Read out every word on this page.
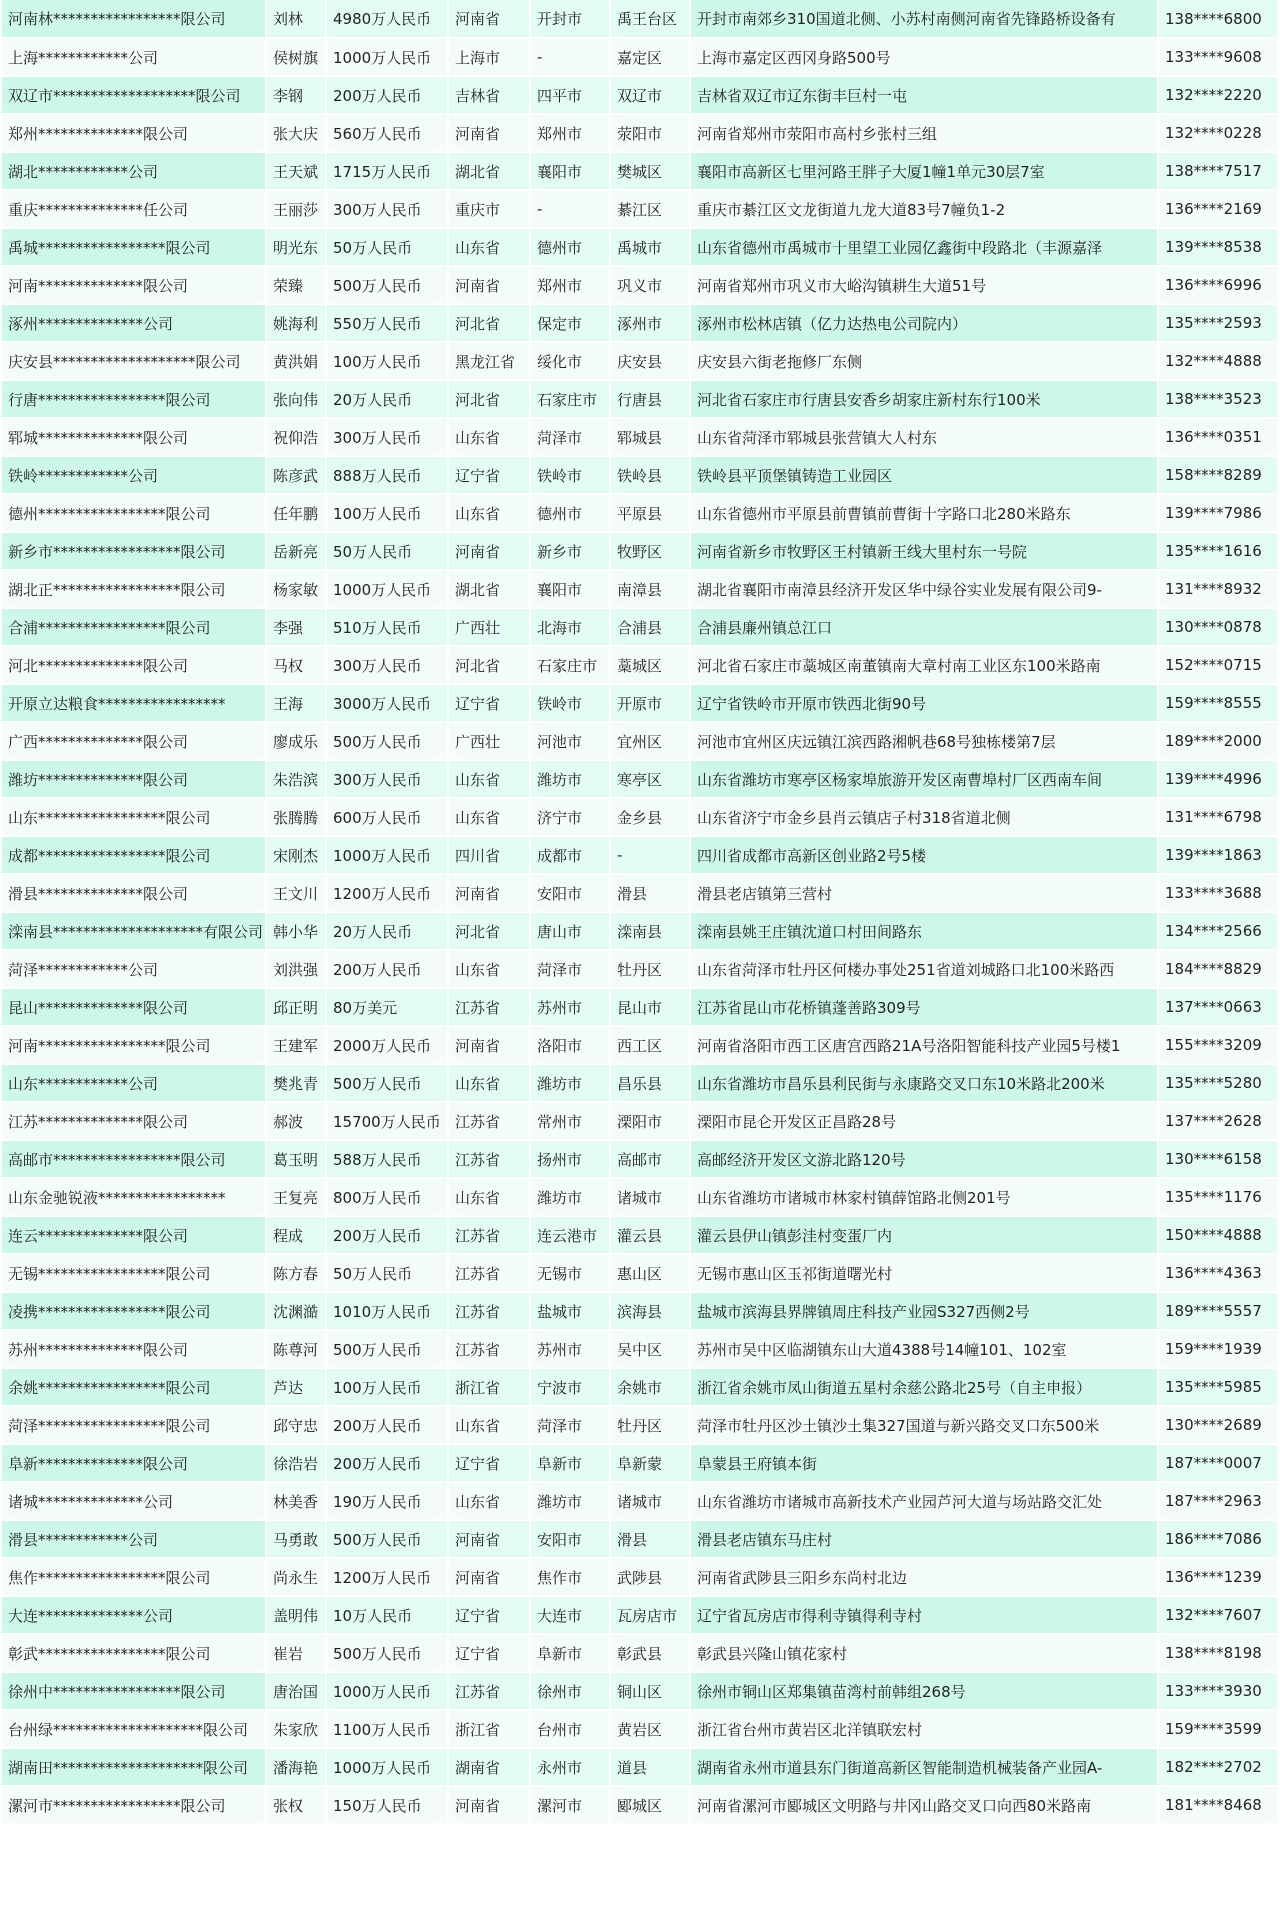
河南林*****************限公司	刘林	4980万人民币	河南省	开封市	禹王台区	开封市南郊乡310国道北侧、小苏村南侧河南省先锋路桥设备有	138****6800
上海************公司	侯树旗	1000万人民币	上海市	-	嘉定区	上海市嘉定区西冈身路500号	133****9608
双辽市*******************限公司	李钢	200万人民币	吉林省	四平市	双辽市	吉林省双辽市辽东街丰巨村一屯	132****2220
郑州**************限公司	张大庆	560万人民币	河南省	郑州市	荥阳市	河南省郑州市荥阳市高村乡张村三组	132****0228
湖北************公司	王天斌	1715万人民币	湖北省	襄阳市	樊城区	襄阳市高新区七里河路王胖子大厦1幢1单元30层7室	138****7517
重庆**************任公司	王丽莎	300万人民币	重庆市	-	綦江区	重庆市綦江区文龙街道九龙大道83号7幢负1-2	136****2169
禹城*****************限公司	明光东	50万人民币	山东省	德州市	禹城市	山东省德州市禹城市十里望工业园亿鑫街中段路北（丰源嘉泽	139****8538
河南**************限公司	荣臻	500万人民币	河南省	郑州市	巩义市	河南省郑州市巩义市大峪沟镇耕生大道51号	136****6996
涿州**************公司	姚海利	550万人民币	河北省	保定市	涿州市	涿州市松林店镇（亿力达热电公司院内）	135****2593
庆安县*******************限公司	黄洪娟	100万人民币	黑龙江省	绥化市	庆安县	庆安县六街老拖修厂东侧	132****4888
行唐*****************限公司	张向伟	20万人民币	河北省	石家庄市	行唐县	河北省石家庄市行唐县安香乡胡家庄新村东行100米	138****3523
郓城**************限公司	祝仰浩	300万人民币	山东省	菏泽市	郓城县	山东省菏泽市郓城县张营镇大人村东	136****0351
铁岭************公司	陈彦武	888万人民币	辽宁省	铁岭市	铁岭县	铁岭县平顶堡镇铸造工业园区	158****8289
德州*****************限公司	任年鹏	100万人民币	山东省	德州市	平原县	山东省德州市平原县前曹镇前曹街十字路口北280米路东	139****7986
新乡市*****************限公司	岳新亮	50万人民币	河南省	新乡市	牧野区	河南省新乡市牧野区王村镇新王线大里村东一号院	135****1616
湖北正*****************限公司	杨家敏	1000万人民币	湖北省	襄阳市	南漳县	湖北省襄阳市南漳县经济开发区华中绿谷实业发展有限公司9-	131****8932
合浦*****************限公司	李强	510万人民币	广西壮	北海市	合浦县	合浦县廉州镇总江口	130****0878
河北**************限公司	马权	300万人民币	河北省	石家庄市	藁城区	河北省石家庄市藁城区南董镇南大章村南工业区东100米路南	152****0715
开原立达粮食*****************	王海	3000万人民币	辽宁省	铁岭市	开原市	辽宁省铁岭市开原市铁西北街90号	159****8555
广西**************限公司	廖成乐	500万人民币	广西壮	河池市	宜州区	河池市宜州区庆远镇江滨西路湘帆巷68号独栋楼第7层	189****2000
潍坊**************限公司	朱浩滨	300万人民币	山东省	潍坊市	寒亭区	山东省潍坊市寒亭区杨家埠旅游开发区南曹埠村厂区西南车间	139****4996
山东*****************限公司	张腾腾	600万人民币	山东省	济宁市	金乡县	山东省济宁市金乡县肖云镇店子村318省道北侧	131****6798
成都*****************限公司	宋刚杰	1000万人民币	四川省	成都市	-	四川省成都市高新区创业路2号5楼	139****1863
滑县**************限公司	王文川	1200万人民币	河南省	安阳市	滑县	滑县老店镇第三营村	133****3688
滦南县********************有限公司	韩小华	20万人民币	河北省	唐山市	滦南县	滦南县姚王庄镇沈道口村田间路东	134****2566
菏泽************公司	刘洪强	200万人民币	山东省	菏泽市	牡丹区	山东省菏泽市牡丹区何楼办事处251省道刘城路口北100米路西	184****8829
昆山**************限公司	邱正明	80万美元	江苏省	苏州市	昆山市	江苏省昆山市花桥镇蓬善路309号	137****0663
河南*****************限公司	王建军	2000万人民币	河南省	洛阳市	西工区	河南省洛阳市西工区唐宫西路21A号洛阳智能科技产业园5号楼1	155****3209
山东************公司	樊兆青	500万人民币	山东省	潍坊市	昌乐县	山东省潍坊市昌乐县利民街与永康路交叉口东10米路北200米	135****5280
江苏**************限公司	郝波	15700万人民币	江苏省	常州市	溧阳市	溧阳市昆仑开发区正昌路28号	137****2628
高邮市*****************限公司	葛玉明	588万人民币	江苏省	扬州市	高邮市	高邮经济开发区文游北路120号	130****6158
山东金驰锐液*****************	王复亮	800万人民币	山东省	潍坊市	诸城市	山东省潍坊市诸城市林家村镇薛馆路北侧201号	135****1176
连云**************限公司	程成	200万人民币	江苏省	连云港市	灌云县	灌云县伊山镇彭洼村变蛋厂内	150****4888
无锡*****************限公司	陈方春	50万人民币	江苏省	无锡市	惠山区	无锡市惠山区玉祁街道曙光村	136****4363
凌携*****************限公司	沈渊澔	1010万人民币	江苏省	盐城市	滨海县	盐城市滨海县界牌镇周庄科技产业园S327西侧2号	189****5557
苏州**************限公司	陈尊河	500万人民币	江苏省	苏州市	吴中区	苏州市吴中区临湖镇东山大道4388号14幢101、102室	159****1939
余姚*****************限公司	芦达	100万人民币	浙江省	宁波市	余姚市	浙江省余姚市凤山街道五星村余慈公路北25号（自主申报）	135****5985
菏泽*****************限公司	邱守忠	200万人民币	山东省	菏泽市	牡丹区	菏泽市牡丹区沙土镇沙土集327国道与新兴路交叉口东500米	130****2689
阜新**************限公司	徐浩岩	200万人民币	辽宁省	阜新市	阜新蒙	阜蒙县王府镇本街	187****0007
诸城**************公司	林美香	190万人民币	山东省	潍坊市	诸城市	山东省潍坊市诸城市高新技术产业园芦河大道与场站路交汇处	187****2963
滑县************公司	马勇敢	500万人民币	河南省	安阳市	滑县	滑县老店镇东马庄村	186****7086
焦作*****************限公司	尚永生	1200万人民币	河南省	焦作市	武陟县	河南省武陟县三阳乡东尚村北边	136****1239
大连**************公司	盖明伟	10万人民币	辽宁省	大连市	瓦房店市	辽宁省瓦房店市得利寺镇得利寺村	132****7607
彰武*****************限公司	崔岩	500万人民币	辽宁省	阜新市	彰武县	彰武县兴隆山镇花家村	138****8198
徐州中*****************限公司	唐治国	1000万人民币	江苏省	徐州市	铜山区	徐州市铜山区郑集镇苗湾村前韩组268号	133****3930
台州绿********************限公司	朱家欣	1100万人民币	浙江省	台州市	黄岩区	浙江省台州市黄岩区北洋镇联宏村	159****3599
湖南田********************限公司	潘海艳	1000万人民币	湖南省	永州市	道县	湖南省永州市道县东门街道高新区智能制造机械装备产业园A-	182****2702
漯河市*****************限公司	张权	150万人民币	河南省	漯河市	郾城区	河南省漯河市郾城区文明路与井冈山路交叉口向西80米路南	181****8468
